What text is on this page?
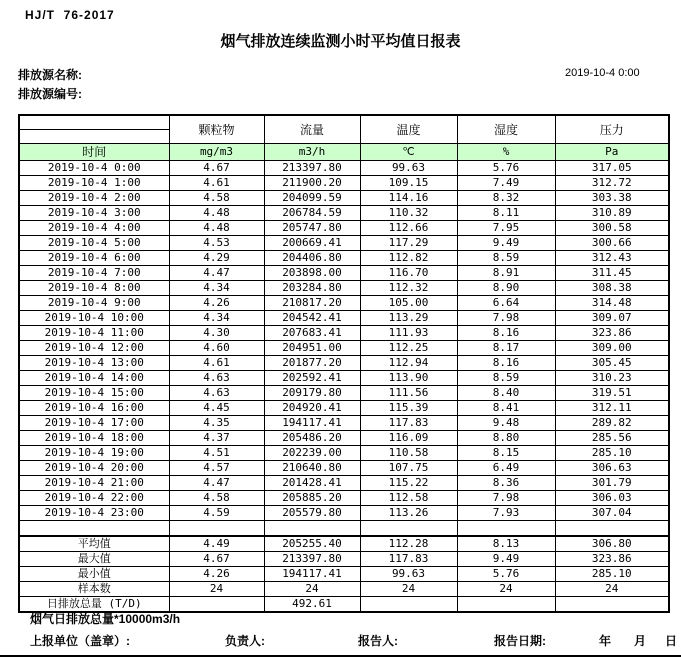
HJ/T  76-2017
烟气排放连续监测小时平均值日报表
排放源名称:	2019-10-4 0:00
排放源编号:
	颗粒物	流量	温度	湿度	压力

时间	mg/m3	m3/h	℃	%	Pa
2019-10-4 0:00	4.67	213397.80	99.63	5.76	317.05
2019-10-4 1:00	4.61	211900.20	109.15	7.49	312.72
2019-10-4 2:00	4.58	204099.59	114.16	8.32	303.38
2019-10-4 3:00	4.48	206784.59	110.32	8.11	310.89
2019-10-4 4:00	4.48	205747.80	112.66	7.95	300.58
2019-10-4 5:00	4.53	200669.41	117.29	9.49	300.66
2019-10-4 6:00	4.29	204406.80	112.82	8.59	312.43
2019-10-4 7:00	4.47	203898.00	116.70	8.91	311.45
2019-10-4 8:00	4.34	203284.80	112.32	8.90	308.38
2019-10-4 9:00	4.26	210817.20	105.00	6.64	314.48
2019-10-4 10:00	4.34	204542.41	113.29	7.98	309.07
2019-10-4 11:00	4.30	207683.41	111.93	8.16	323.86
2019-10-4 12:00	4.60	204951.00	112.25	8.17	309.00
2019-10-4 13:00	4.61	201877.20	112.94	8.16	305.45
2019-10-4 14:00	4.63	202592.41	113.90	8.59	310.23
2019-10-4 15:00	4.63	209179.80	111.56	8.40	319.51
2019-10-4 16:00	4.45	204920.41	115.39	8.41	312.11
2019-10-4 17:00	4.35	194117.41	117.83	9.48	289.82
2019-10-4 18:00	4.37	205486.20	116.09	8.80	285.56
2019-10-4 19:00	4.51	202239.00	110.58	8.15	285.10
2019-10-4 20:00	4.57	210640.80	107.75	6.49	306.63
2019-10-4 21:00	4.47	201428.41	115.22	8.36	301.79
2019-10-4 22:00	4.58	205885.20	112.58	7.98	306.03
2019-10-4 23:00	4.59	205579.80	113.26	7.93	307.04

平均值	4.49	205255.40	112.28	8.13	306.80
最大值	4.67	213397.80	117.83	9.49	323.86
最小值	4.26	194117.41	99.63	5.76	285.10
样本数	24	24	24	24	24
日排放总量 (T/D)		492.61			
烟气日排放总量*10000m3/h
上报单位（盖章）:	负责人:	报告人:	报告日期:	年 月 日
